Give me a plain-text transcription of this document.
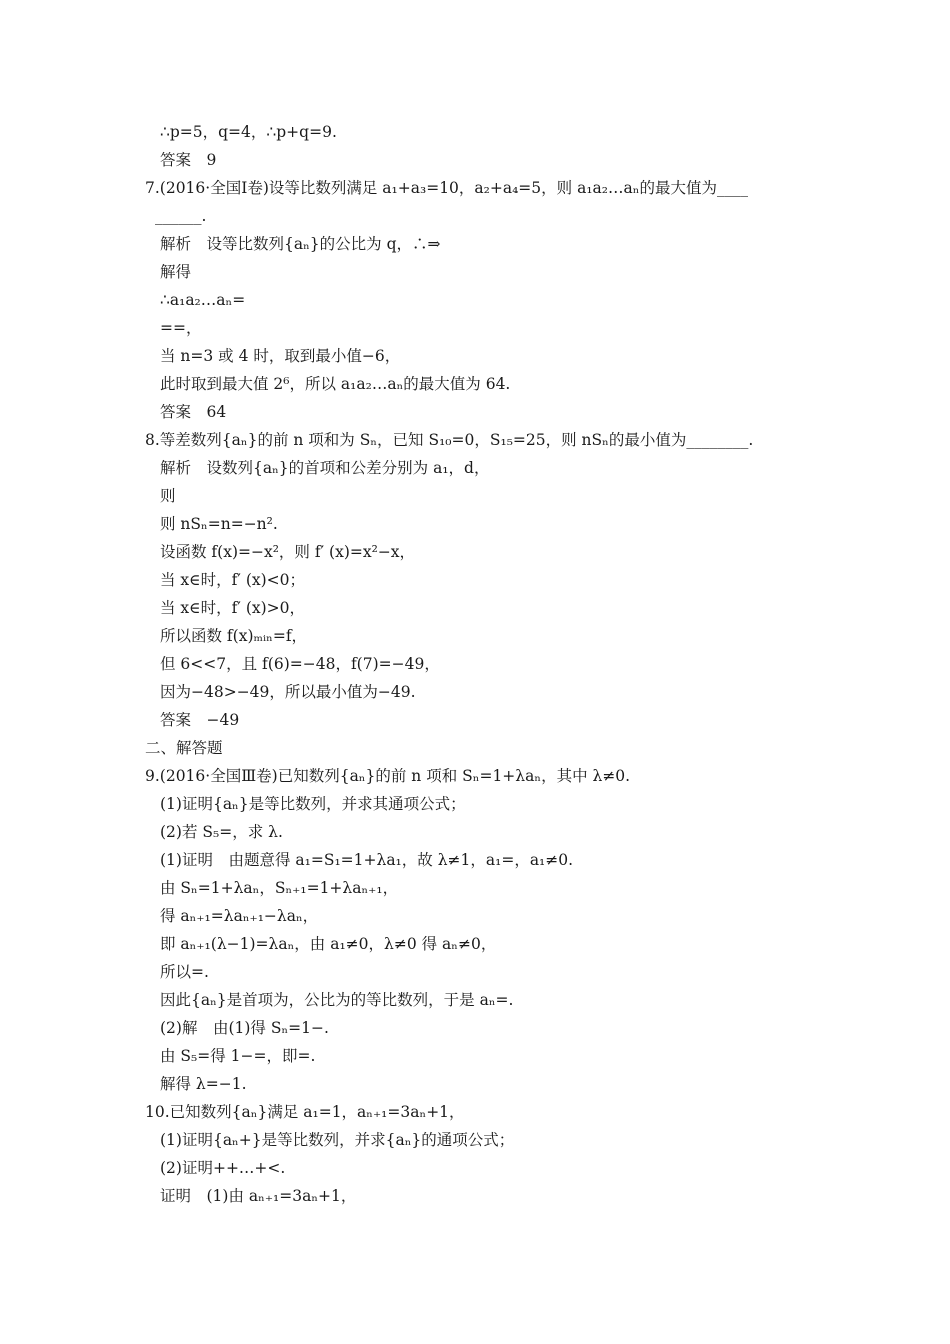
∴p=5，q=4，∴p+q=9.
答案　9
7.(2016·全国Ⅰ卷)设等比数列满足 a₁+a₃=10，a₂+a₄=5，则 a₁a₂…aₙ的最大值为____
______.
解析　设等比数列{aₙ}的公比为 q，∴⇒
解得
∴a₁a₂…aₙ=
==，
当 n=3 或 4 时，取到最小值−6，
此时取到最大值 2⁶，所以 a₁a₂…aₙ的最大值为 64.
答案　64
8.等差数列{aₙ}的前 n 项和为 Sₙ，已知 S₁₀=0，S₁₅=25，则 nSₙ的最小值为________.
解析　设数列{aₙ}的首项和公差分别为 a₁，d，
则
则 nSₙ=n=−n².
设函数 f(x)=−x²，则 f′ (x)=x²−x，
当 x∈时，f′ (x)<0；
当 x∈时，f′ (x)>0，
所以函数 f(x)ₘᵢₙ=f，
但 6<<7，且 f(6)=−48，f(7)=−49，
因为−48>−49，所以最小值为−49.
答案　−49
二、解答题
9.(2016·全国Ⅲ卷)已知数列{aₙ}的前 n 项和 Sₙ=1+λaₙ，其中 λ≠0.
(1)证明{aₙ}是等比数列，并求其通项公式；
(2)若 S₅=，求 λ.
(1)证明　由题意得 a₁=S₁=1+λa₁，故 λ≠1，a₁=，a₁≠0.
由 Sₙ=1+λaₙ，Sₙ₊₁=1+λaₙ₊₁，
得 aₙ₊₁=λaₙ₊₁−λaₙ，
即 aₙ₊₁(λ−1)=λaₙ，由 a₁≠0，λ≠0 得 aₙ≠0，
所以=.
因此{aₙ}是首项为，公比为的等比数列，于是 aₙ=.
(2)解　由(1)得 Sₙ=1−.
由 S₅=得 1−=，即=.
解得 λ=−1.
10.已知数列{aₙ}满足 a₁=1，aₙ₊₁=3aₙ+1，
(1)证明{aₙ+}是等比数列，并求{aₙ}的通项公式；
(2)证明++…+<.
证明　(1)由 aₙ₊₁=3aₙ+1，
